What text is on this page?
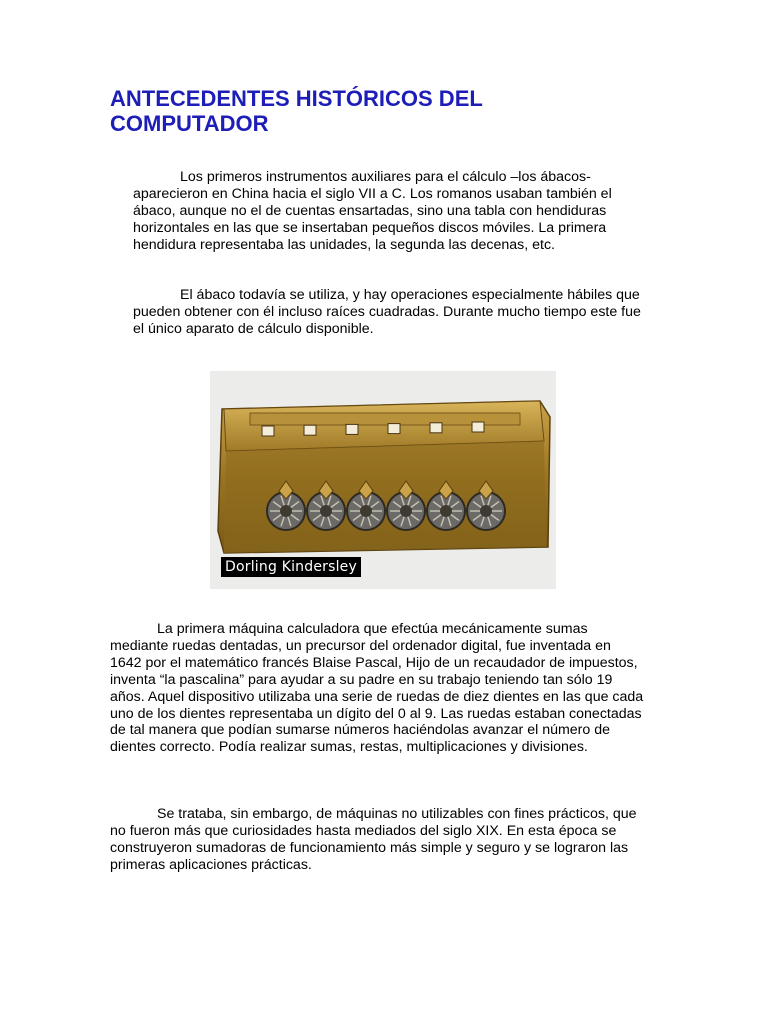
ANTECEDENTES HISTÓRICOS DEL COMPUTADOR

Los primeros instrumentos auxiliares para el cálculo –los ábacos- aparecieron en China hacia el siglo VII a C. Los romanos usaban también el ábaco, aunque no el de cuentas ensartadas, sino una tabla con hendiduras horizontales en las que se insertaban pequeños discos móviles. La primera hendidura representaba las unidades, la segunda las decenas, etc.

El ábaco todavía se utiliza, y hay operaciones especialmente hábiles que pueden obtener con él incluso raíces cuadradas. Durante mucho tiempo este fue el único aparato de cálculo disponible.

Dorling Kindersley

La primera máquina calculadora que efectúa mecánicamente sumas mediante ruedas dentadas, un precursor del ordenador digital, fue inventada en 1642 por el matemático francés Blaise Pascal, Hijo de un recaudador de impuestos, inventa “la pascalina” para ayudar a su padre en su trabajo teniendo tan sólo 19 años. Aquel dispositivo utilizaba una serie de ruedas de diez dientes en las que cada uno de los dientes representaba un dígito del 0 al 9. Las ruedas estaban conectadas de tal manera que podían sumarse números haciéndolas avanzar el número de dientes correcto. Podía realizar sumas, restas, multiplicaciones y divisiones.

Se trataba, sin embargo, de máquinas no utilizables con fines prácticos, que no fueron más que curiosidades hasta mediados del siglo XIX. En esta época se construyeron sumadoras de funcionamiento más simple y seguro y se lograron las primeras aplicaciones prácticas.
